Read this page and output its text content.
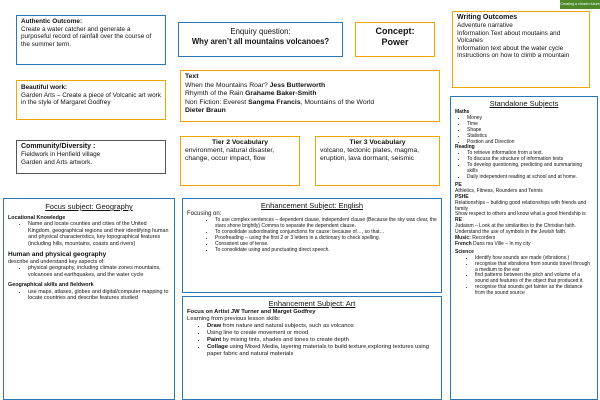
Creating a chosen future
Authentic Outcome:
Create a water catcher and generate a purposeful record of rainfall over the course of the summer term.
Enquiry question:
Why aren’t all mountains volcanoes?
Concept:
Power
Writing Outcomes
Adventure narrative
Information Text about moutains and Volcanes
Information text about the water cycle
Instructions on how to climb a mountain
Beautiful work:
Garden Arts – Create a piece of Volcanic art work in the style of Margaret Godfrey
Text
When the Mountains Roar? Jess Butterworth
Rhymth of the Rain Grahame Baker-Smith
Non Fiction: Everest Sangma Francis, Mountains of the World
Dieter Braun
Community/Diversity :
Fieldwork in Henfield village
Garden and Arts artwork.
Tier 2 Vocabulary
environment, natural disaster, change, occur impact, flow
Tier 3 Vocabulary
volcano, tectonic plates, magma, eruption, lava dormant, seismic
Focus subject: Geography
Locational Knowledge
• Name and locate counties and cities of the United Kingdom, geographical regions and their identifying human and physical characteristics, key topographical features (including hills, mountains, coasts and rivers)
Human and physical geography
describe and understand key aspects of:
• physical geography, including climate zones mountains, volcanoes and earthquakes, and the water cycle
Geographical skills and fieldwork
• use maps, atlases, globes and digital/computer mapping to locate countries and describe features studied
Enhancement Subject: English
Focusing on:
• To use complex sentences – dependent clause, independent clause (Because the sky was clear, the stars shone brightly) Comma to separate the dependent clause.
• To consolidate subordinating conjunctions for cause: because of…, so that…
• Proofreading – using the first 2 or 3 letters in a dictionary to check spelling.
• Consistent use of tense.
• To consolidate using and punctuating direct speech.
Enhancement Subject: Art
Focus on Artist JW Turner and Marget Godfrey
Learning from previous lesson skills:
• Draw from nature and natural subjects, such as volcanos
• Using line to create movement or mood
• Paint by mixing tints, shades and tones to create depth
• Collage using Mixed Media, layering materials to build texture,exploring textures using paper fabric and natural materials
Standalone Subjects
Maths
• Money
• Time
• Shape
• Statistics
• Postion and Direction
Reading
• To retrieve information from a text.
• To discuss the structure of information texts
• To develop questioning, predicting and summarising skills
• Daily independent reading at school and at home.
PE
Athletics, Fitness, Rounders and Tennis
PSHE
Relationships – building good relationships with friends and family
Show respect to others and know what a good friendship is
RE
Judaism – Look at the similarities to the Christian faith.
Understand the use of symbols in the Jewish faith.
Music: Recorders
French Dans ma Ville – In my city
Science
• Identify how sounds are made (vibrations.)
• recognise that vibrations from sounds travel through a medium to the ear
• find patterns between the pitch and volume of a sound and features of the object that produced it.
• recognise that sounds get fainter as the distance from the sound source
